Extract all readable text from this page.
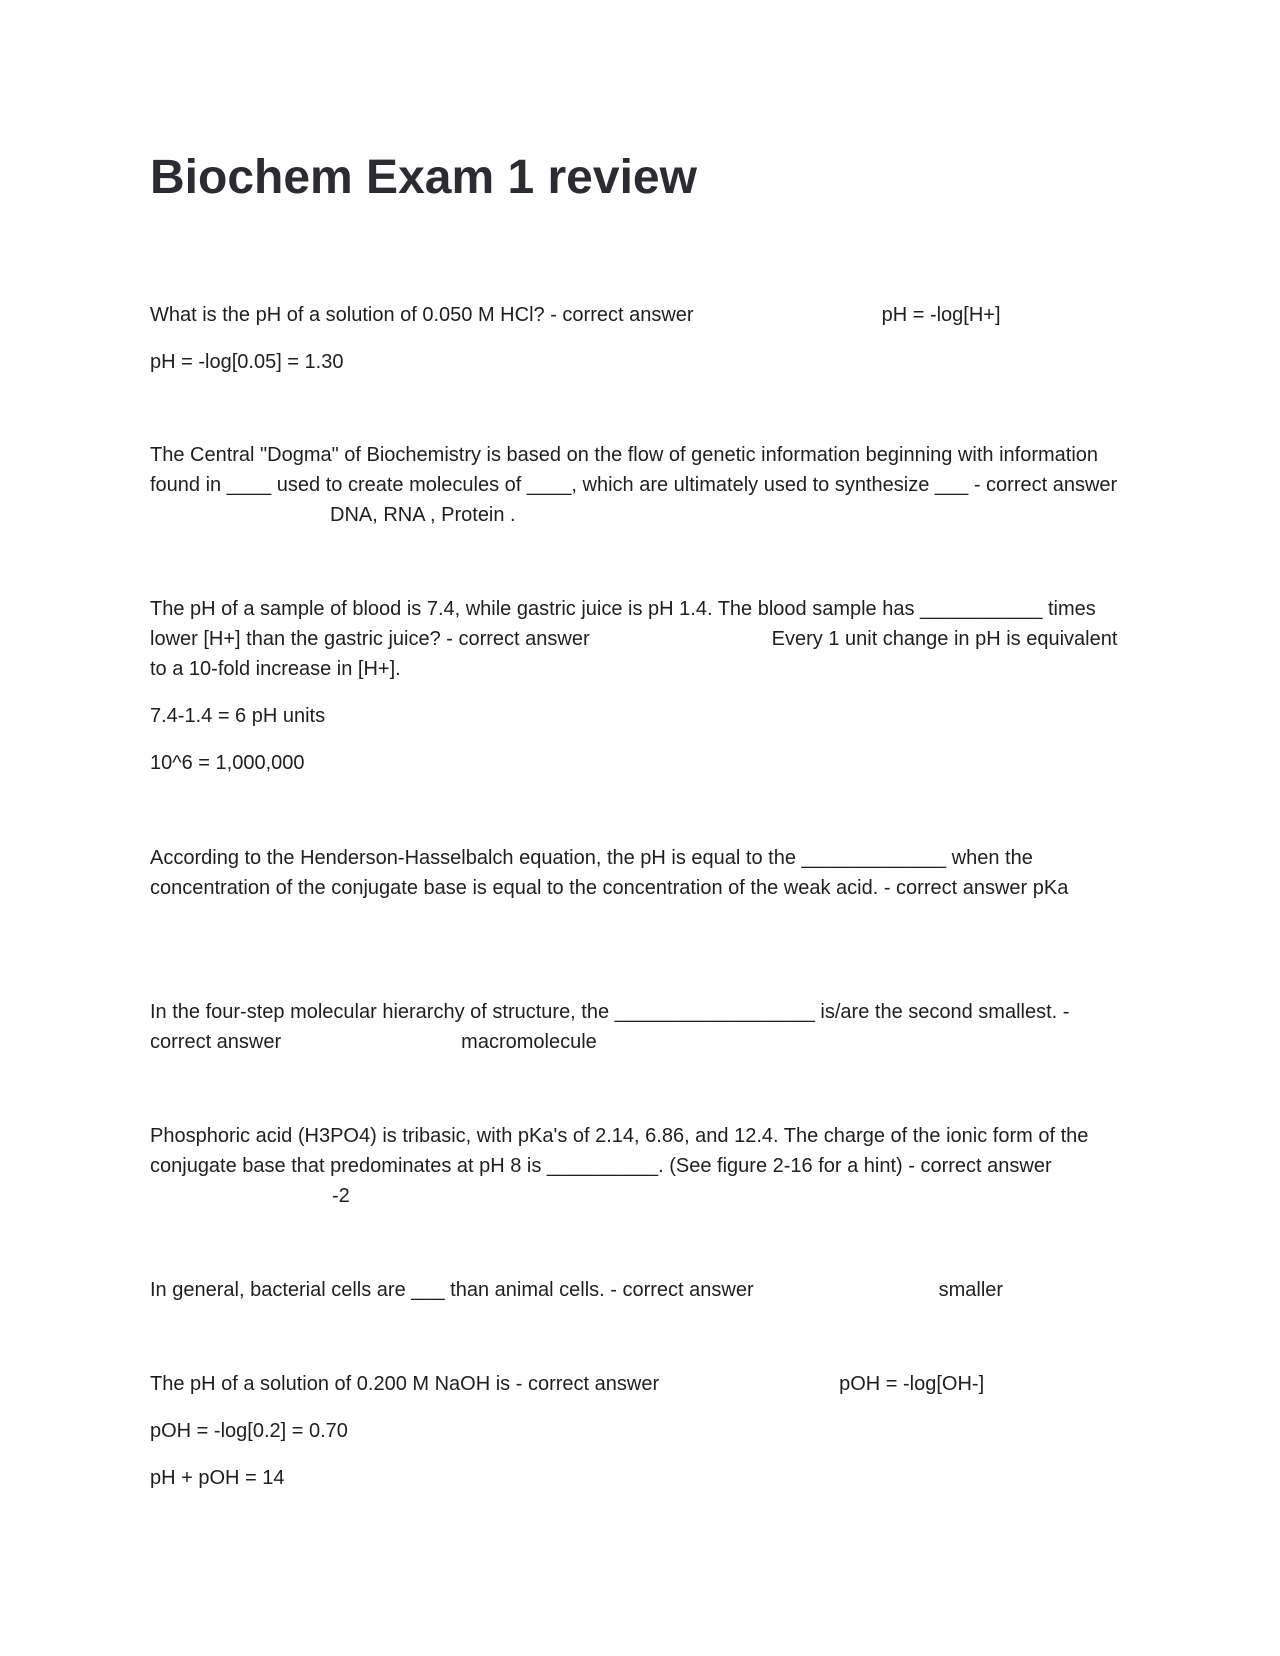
Biochem Exam 1 review

What is the pH of a solution of 0.050 M HCl? - correct answer	pH = -log[H+]

pH = -log[0.05] = 1.30

The Central "Dogma" of Biochemistry is based on the flow of genetic information beginning with information found in ____ used to create molecules of ____, which are ultimately used to synthesize ___ - correct answerDNA, RNA , Protein .

The pH of a sample of blood is 7.4, while gastric juice is pH 1.4. The blood sample has ___________ times lower [H+] than the gastric juice? - correct answer	Every 1 unit change in pH is equivalent to a 10-fold increase in [H+].

7.4-1.4 = 6 pH units

10^6 = 1,000,000

According to the Henderson-Hasselbalch equation, the pH is equal to the _____________ when the concentration of the conjugate base is equal to the concentration of the weak acid. - correct answer pKa

In the four-step molecular hierarchy of structure, the __________________ is/are the second smallest. - correct answer	macromolecule

Phosphoric acid (H3PO4) is tribasic, with pKa's of 2.14, 6.86, and 12.4. The charge of the ionic form of the conjugate base that predominates at pH 8 is __________. (See figure 2-16 for a hint) - correct answer-2

In general, bacterial cells are ___ than animal cells. - correct answer	smaller

The pH of a solution of 0.200 M NaOH is - correct answer	pOH = -log[OH-]

pOH = -log[0.2] = 0.70

pH + pOH = 14
